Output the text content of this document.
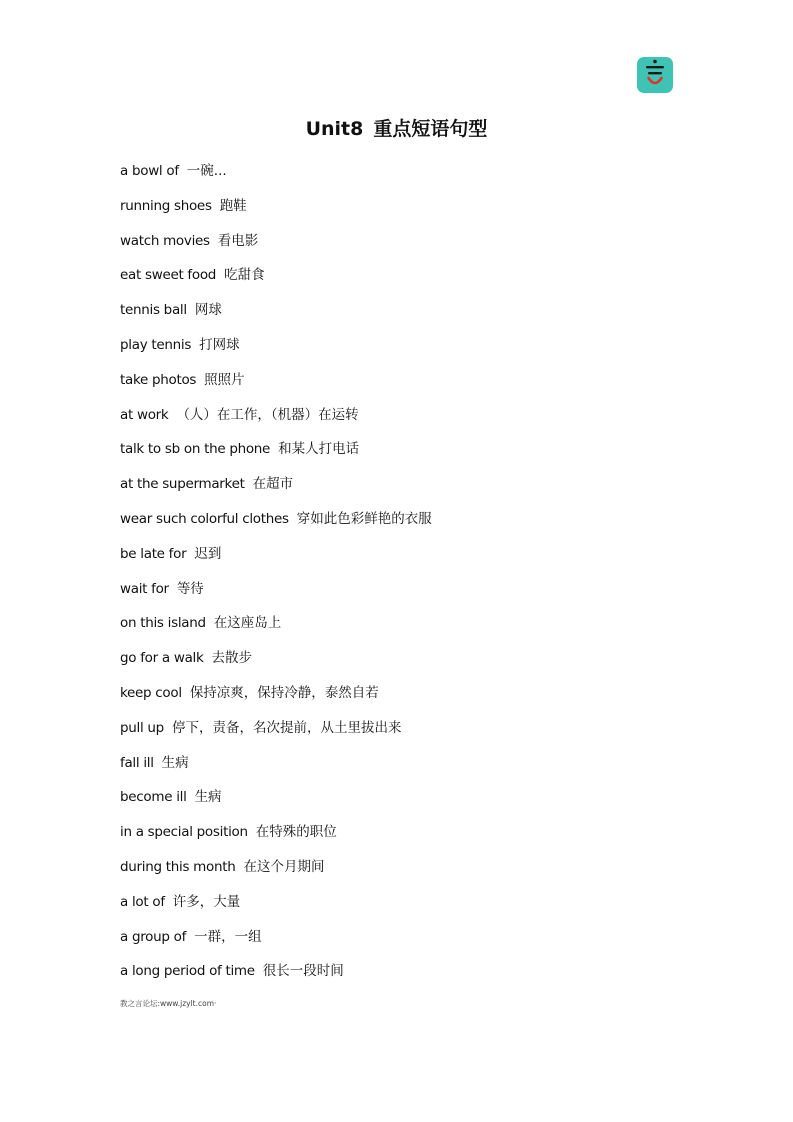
Unit8 重点短语句型
a bowl of 一碗...
running shoes 跑鞋
watch movies 看电影
eat sweet food 吃甜食
tennis ball 网球
play tennis 打网球
take photos 照照片
at work （人）在工作，（机器）在运转
talk to sb on the phone 和某人打电话
at the supermarket 在超市
wear such colorful clothes 穿如此色彩鲜艳的衣服
be late for 迟到
wait for 等待
on this island 在这座岛上
go for a walk 去散步
keep cool 保持凉爽，保持冷静，泰然自若
pull up 停下，责备，名次提前，从土里拔出来
fall ill 生病
become ill 生病
in a special position 在特殊的职位
during this month 在这个月期间
a lot of 许多，大量
a group of 一群，一组
a long period of time 很长一段时间
教之言论坛:www.jzylt.com·
